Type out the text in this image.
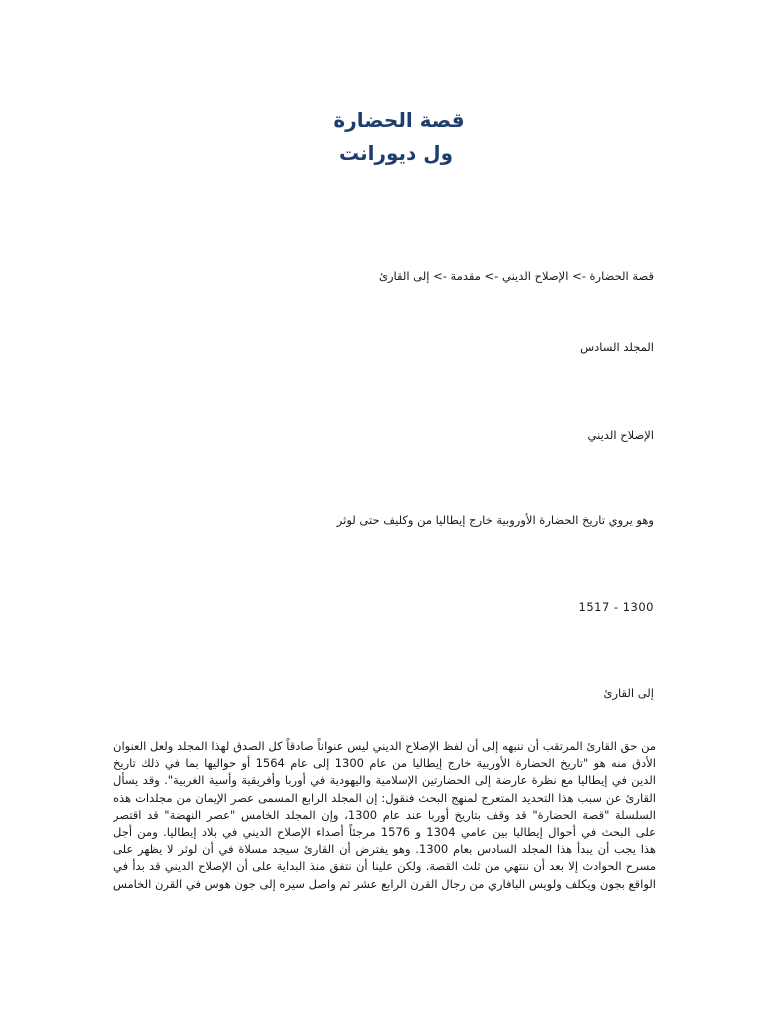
قصة الحضارة
ول ديورانت

قصة الحضارة -> الإصلاح الديني -> مقدمة -> إلى القارئ

المجلد السادس

الإصلاح الديني

وهو يروي تاريخ الحضارة الأوروبية خارج إيطاليا من وكليف حتى لوثر

1517 - 1300

إلى القارئ

من حق القارئ المرتقب أن ننبهه إلى أن لفظ الإصلاح الديني ليس عنواناً صادقاً كل الصدق لهذا المجلد ولعل العنوان
الأدق منه هو "تاريخ الحضارة الأوربية خارج إيطاليا من عام 1300 إلى عام 1564 أو حواليها بما في ذلك تاريخ
الدين في إيطاليا مع نظرة عارضة إلى الحضارتين الإسلامية واليهودية في أوربا وأفريقية وأسية الغربية". وقد يسأل
القارئ عن سبب هذا التحديد المتعرج لمنهج البحث فنقول: إن المجلد الرابع المسمى عصر الإيمان من مجلدات هذه
السلسلة "قصة الحضارة" قد وقف بتاريخ أوربا عند عام 1300، وإن المجلد الخامس "عصر النهضة" قد اقتصر
على البحث في أحوال إيطاليا بين عامي 1304 و 1576 مرجئاً أصداء الإصلاح الديني في بلاد إيطاليا. ومن أجل
هذا يجب أن يبدأ هذا المجلد السادس بعام 1300. وهو يفترض أن القارئ سيجد مسلاة في أن لوثر لا يظهر على
مسرح الحوادث إلا بعد أن ننتهي من ثلث القصة. ولكن علينا أن نتفق منذ البداية على أن الإصلاح الديني قد بدأ في
الواقع بجون ويكلف ولويس البافاري من رجال القرن الرابع عشر ثم واصل سيره إلى جون هوس في القرن الخامس
